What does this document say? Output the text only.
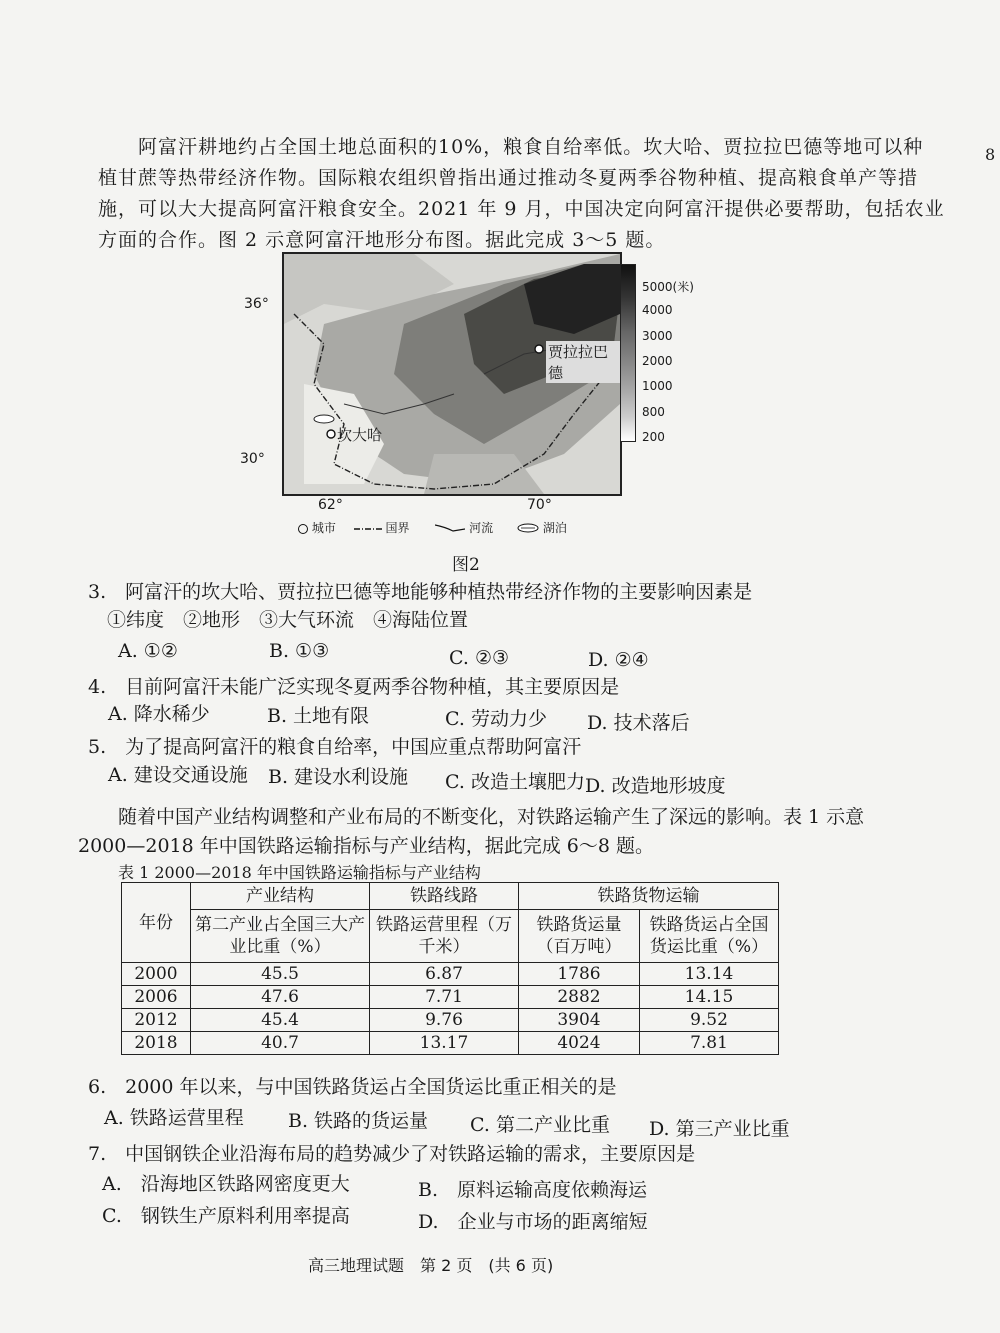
阿富汗耕地约占全国土地总面积的10%，粮食自给率低。坎大哈、贾拉拉巴德等地可以种
植甘蔗等热带经济作物。国际粮农组织曾指出通过推动冬夏两季谷物种植、提高粮食单产等措
施，可以大大提高阿富汗粮食安全。2021 年 9 月，中国决定向阿富汗提供必要帮助，包括农业
方面的合作。图 2 示意阿富汗地形分布图。据此完成 3～5 题。
8
36°
30°
62°	70°
贾拉拉巴德
坎大哈
5000(米)
4000
3000
2000
1000
800
200
城市	国界	河流	湖泊
图2
3.　阿富汗的坎大哈、贾拉拉巴德等地能够种植热带经济作物的主要影响因素是
①纬度　②地形　③大气环流　④海陆位置
A. ①②	B. ①③	C. ②③	D. ②④
4.　目前阿富汗未能广泛实现冬夏两季谷物种植，其主要原因是
A. 降水稀少	B. 土地有限	C. 劳动力少 D. 技术落后
5.　为了提高阿富汗的粮食自给率，中国应重点帮助阿富汗
A. 建设交通设施 B. 建设水利设施 C. 改造土壤肥力 D. 改造地形坡度
随着中国产业结构调整和产业布局的不断变化，对铁路运输产生了深远的影响。表 1 示意
2000—2018 年中国铁路运输指标与产业结构，据此完成 6～8 题。
表 1 2000—2018 年中国铁路运输指标与产业结构
年份	产业结构	铁路线路	铁路货物运输	
	第二产业占全国三大产业比重（%）	铁路运营里程（万千米）	铁路货运量（百万吨）	铁路货运占全国货运比重（%）
2000	45.5	6.87	1786	13.14
2006	47.6	7.71	2882	14.15
2012	45.4	9.76	3904	9.52
2018	40.7	13.17	4024	7.81
6.　2000 年以来，与中国铁路货运占全国货运比重正相关的是
A. 铁路运营里程 B. 铁路的货运量 C. 第二产业比重 D. 第三产业比重
7.　中国钢铁企业沿海布局的趋势减少了对铁路运输的需求，主要原因是
A.　沿海地区铁路网密度更大	B.　原料运输高度依赖海运
C.　钢铁生产原料利用率提高	D.　企业与市场的距离缩短
高三地理试题　第 2 页　(共 6 页)
